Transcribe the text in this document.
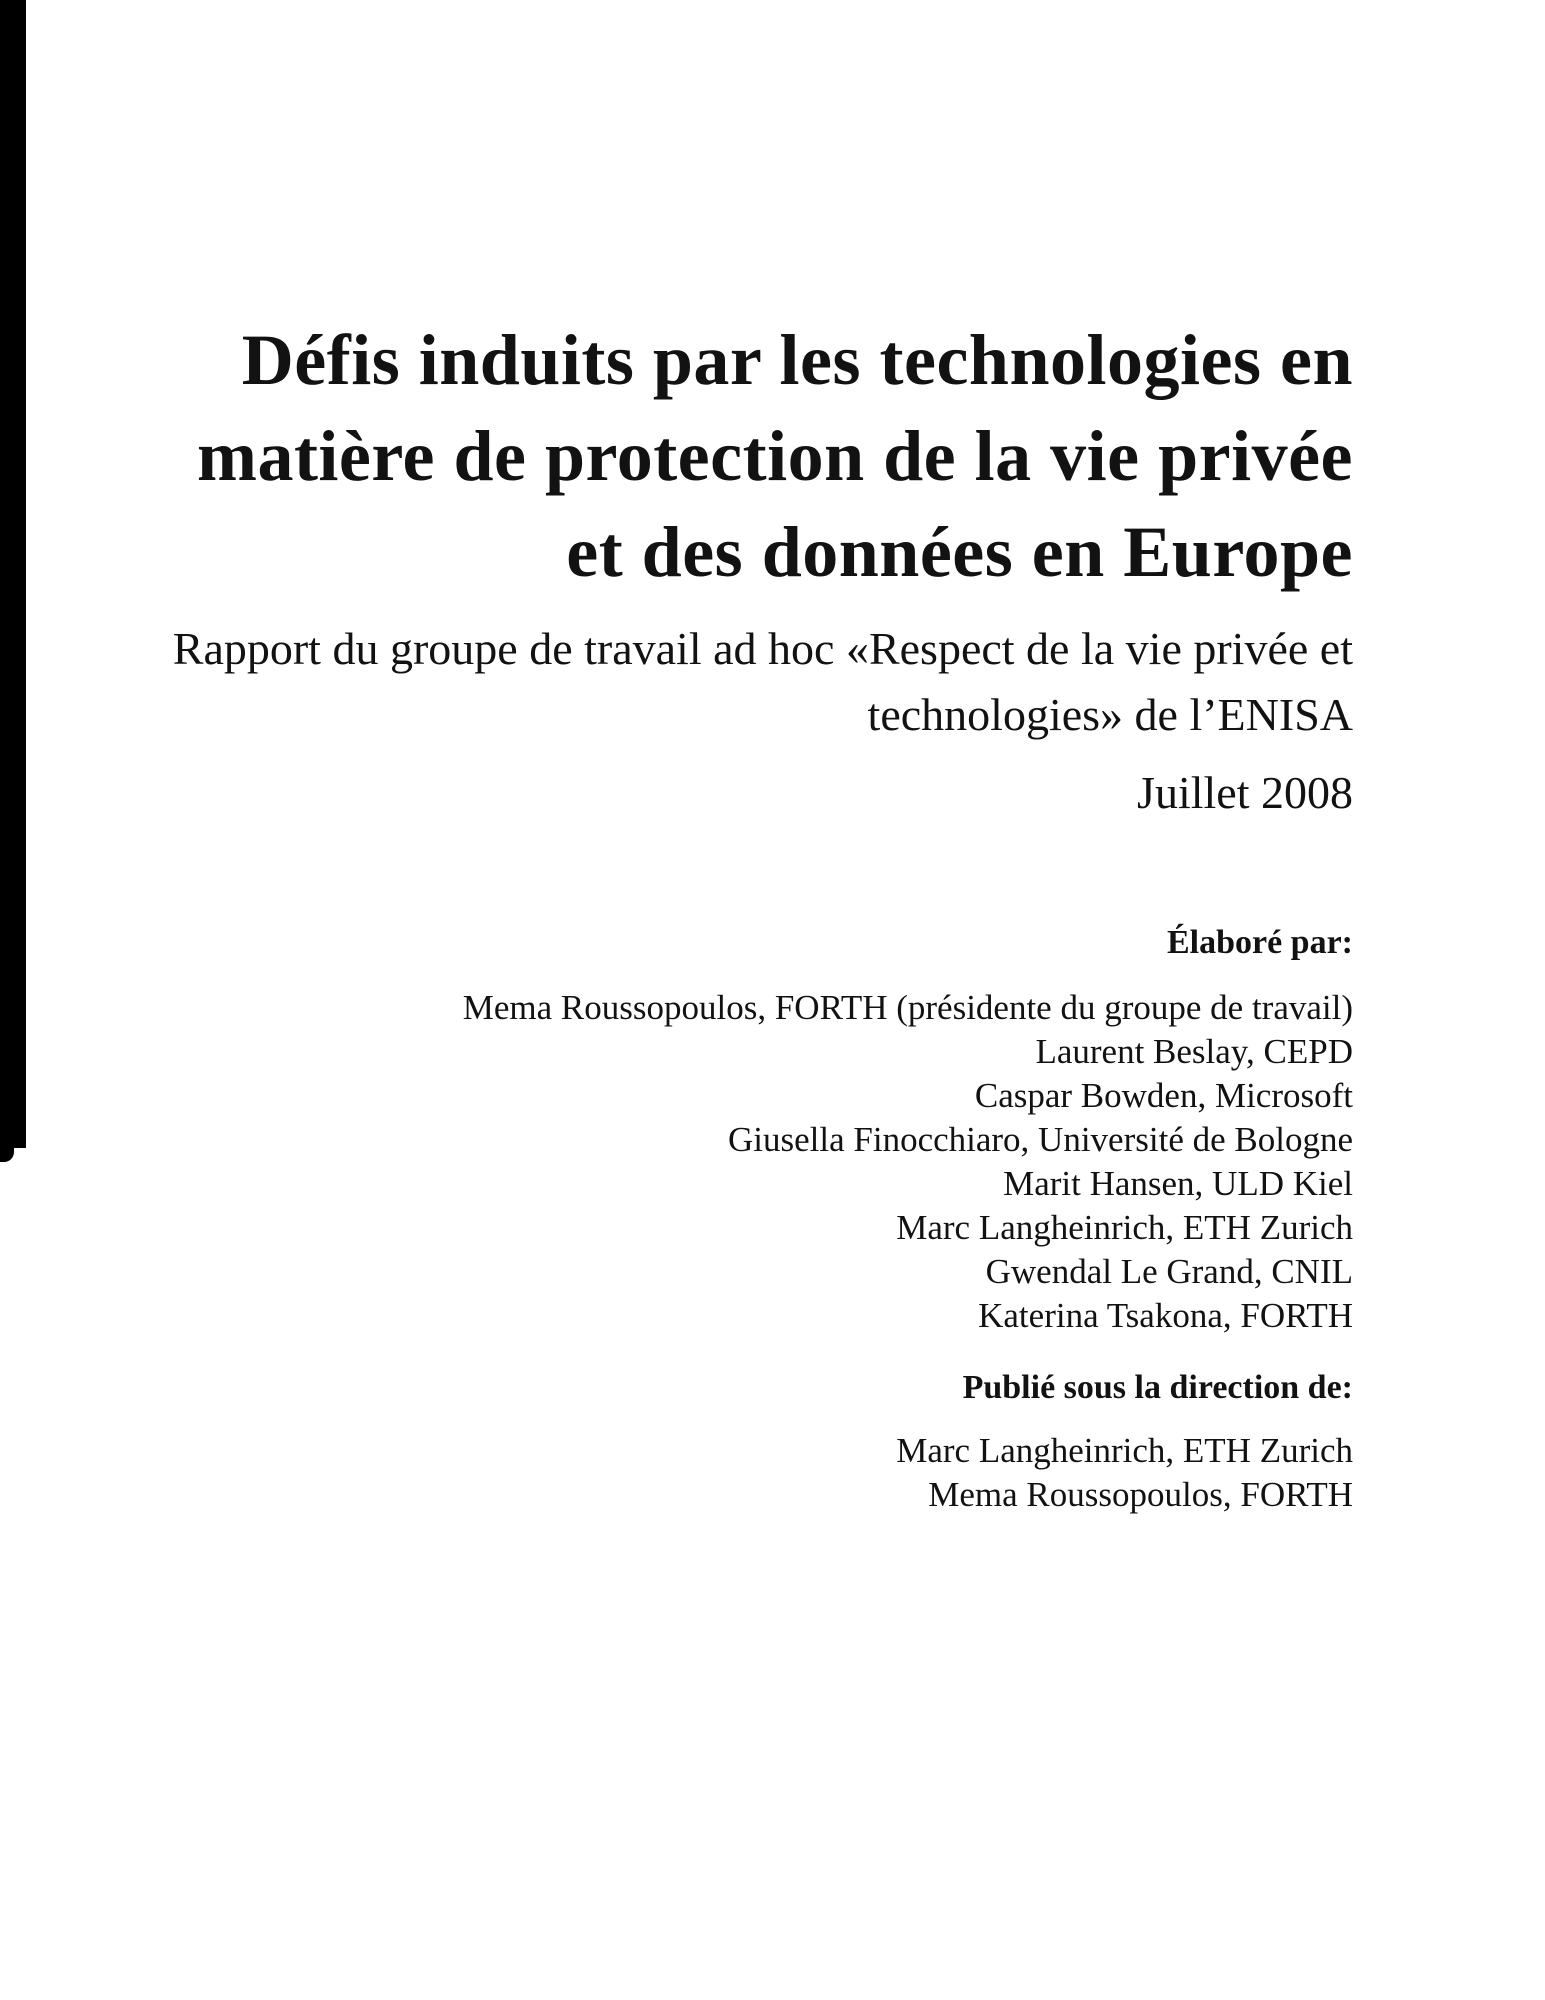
Défis induits par les technologies en
matière de protection de la vie privée
et des données en Europe
Rapport du groupe de travail ad hoc «Respect de la vie privée et
technologies» de l’ENISA
Juillet 2008
Élaboré par:
Mema Roussopoulos, FORTH (présidente du groupe de travail)
Laurent Beslay, CEPD
Caspar Bowden, Microsoft
Giusella Finocchiaro, Université de Bologne
Marit Hansen, ULD Kiel
Marc Langheinrich, ETH Zurich
Gwendal Le Grand, CNIL
Katerina Tsakona, FORTH
Publié sous la direction de:
Marc Langheinrich, ETH Zurich
Mema Roussopoulos, FORTH
